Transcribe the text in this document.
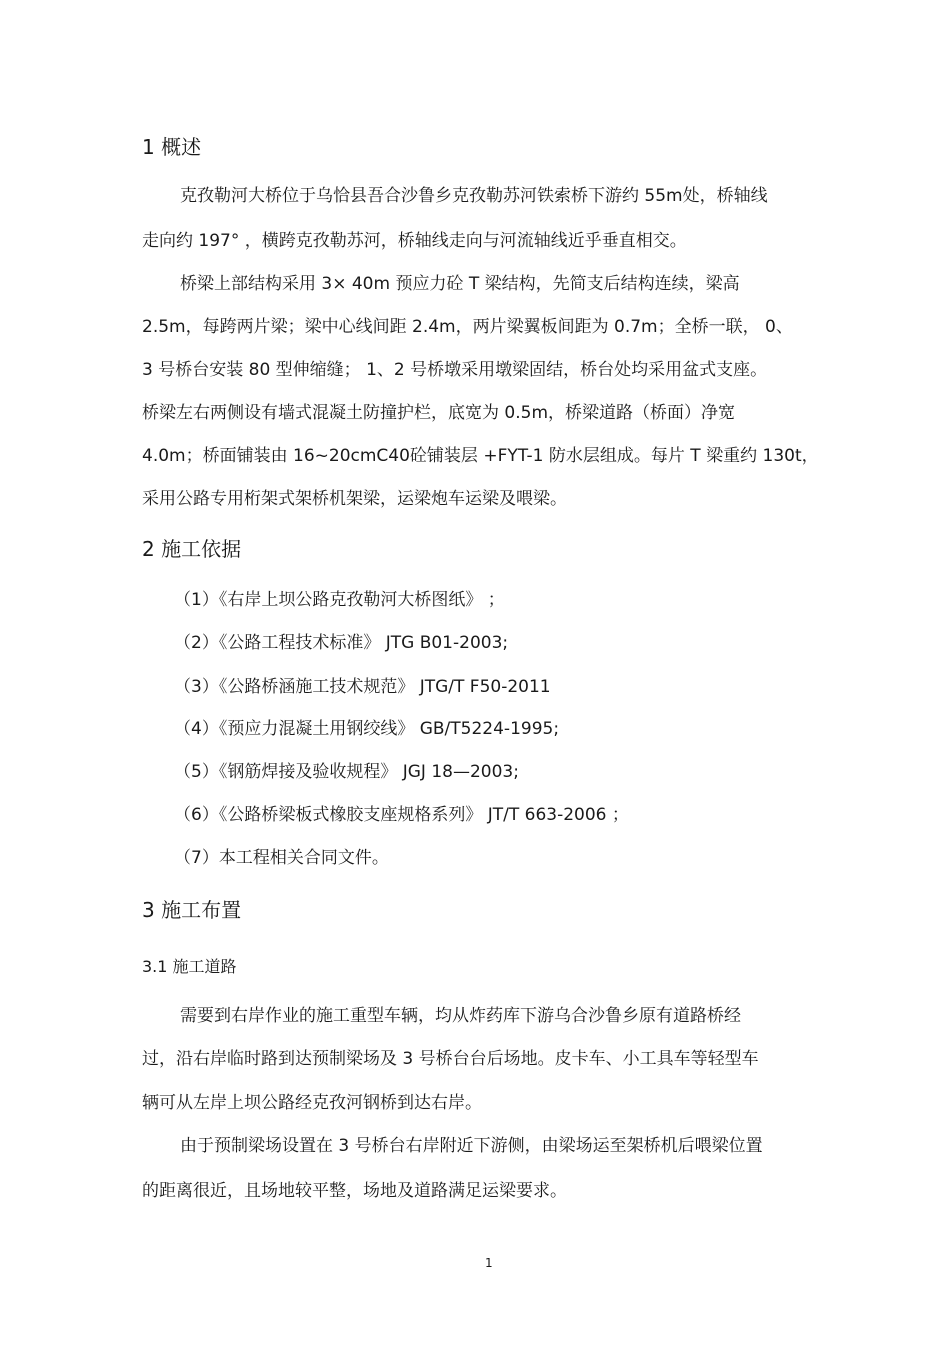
1 概述
克孜勒河大桥位于乌恰县吾合沙鲁乡克孜勒苏河铁索桥下游约 55m处，桥轴线
走向约 197° ，横跨克孜勒苏河，桥轴线走向与河流轴线近乎垂直相交。
桥梁上部结构采用 3× 40m 预应力砼 T 梁结构，先简支后结构连续，梁高
2.5m，每跨两片梁；梁中心线间距 2.4m，两片梁翼板间距为 0.7m；全桥一联， 0、
3 号桥台安装 80 型伸缩缝； 1、2 号桥墩采用墩梁固结，桥台处均采用盆式支座。
桥梁左右两侧设有墙式混凝土防撞护栏，底宽为 0.5m，桥梁道路（桥面）净宽
4.0m；桥面铺装由 16~20cmC40砼铺装层 +FYT-1 防水层组成。每片 T 梁重约 130t，
采用公路专用桁架式架桥机架梁，运梁炮车运梁及喂梁。
2 施工依据
（1）《右岸上坝公路克孜勒河大桥图纸》 ；
（2）《公路工程技术标准》 JTG B01-2003;
（3）《公路桥涵施工技术规范》 JTG/T F50-2011
（4）《预应力混凝土用钢绞线》 GB/T5224-1995;
（5）《钢筋焊接及验收规程》 JGJ 18—2003;
（6）《公路桥梁板式橡胶支座规格系列》 JT/T 663-2006 ；
（7）本工程相关合同文件。
3 施工布置
3.1 施工道路
需要到右岸作业的施工重型车辆，均从炸药库下游乌合沙鲁乡原有道路桥经
过，沿右岸临时路到达预制梁场及 3 号桥台台后场地。皮卡车、小工具车等轻型车
辆可从左岸上坝公路经克孜河钢桥到达右岸。
由于预制梁场设置在 3 号桥台右岸附近下游侧，由梁场运至架桥机后喂梁位置
的距离很近，且场地较平整，场地及道路满足运梁要求。
1
